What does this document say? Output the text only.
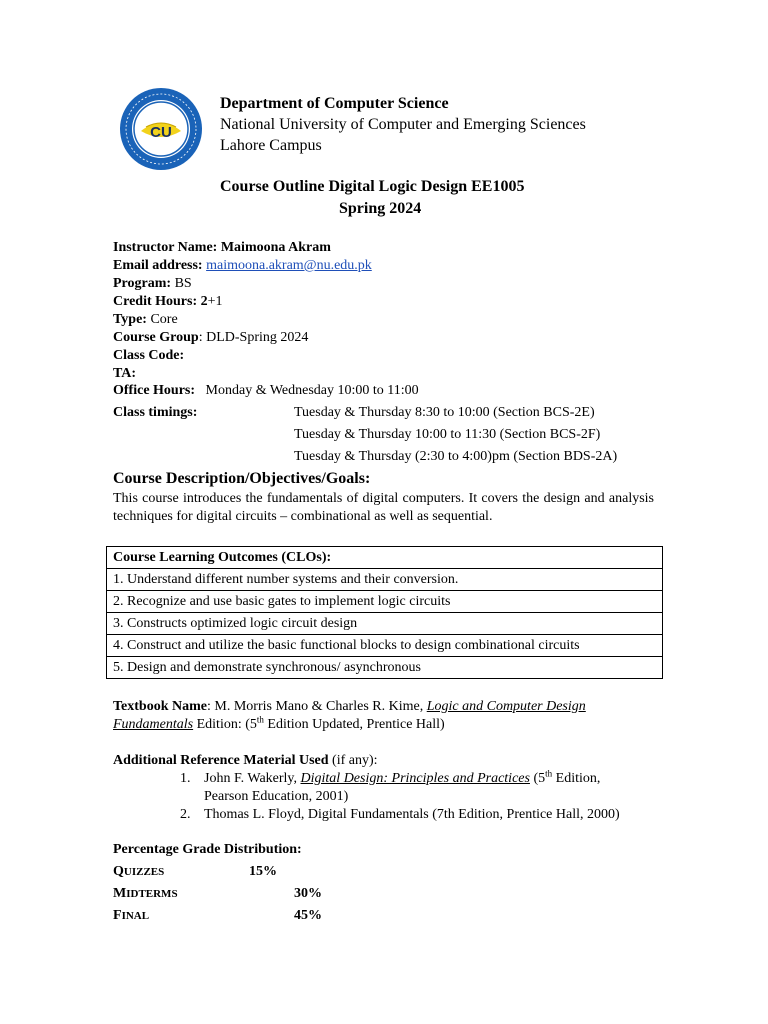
CU
Department of Computer Science
National University of Computer and Emerging Sciences
Lahore Campus
Course Outline Digital Logic Design EE1005
Spring 2024
Instructor Name: Maimoona Akram
Email address: maimoona.akram@nu.edu.pk
Program: BS
Credit Hours: 2+1
Type: Core
Course Group: DLD-Spring 2024
Class Code:
TA:
Office Hours:   Monday & Wednesday 10:00 to 11:00
Class timings:	Tuesday & Thursday 8:30 to 10:00 (Section BCS-2E)
Tuesday & Thursday 10:00 to 11:30 (Section BCS-2F)
Tuesday & Thursday (2:30 to 4:00)pm (Section BDS-2A)
Course Description/Objectives/Goals:
This course introduces the fundamentals of digital computers. It covers the design and analysis techniques for digital circuits – combinational as well as sequential.
Course Learning Outcomes (CLOs):
1. Understand different number systems and their conversion.
2. Recognize and use basic gates to implement logic circuits
3. Constructs optimized logic circuit design
4. Construct and utilize the basic functional blocks to design combinational circuits
5. Design and demonstrate synchronous/ asynchronous
Textbook Name: M. Morris Mano & Charles R. Kime, Logic and Computer Design Fundamentals Edition: (5th Edition Updated, Prentice Hall)
Additional Reference Material Used (if any):
1. John F. Wakerly, Digital Design: Principles and Practices (5th Edition,
Pearson Education, 2001)
2. Thomas L. Floyd, Digital Fundamentals (7th Edition, Prentice Hall, 2000)
Percentage Grade Distribution:
QUIZZES	15%
MIDTERMS	30%
FINAL	45%
